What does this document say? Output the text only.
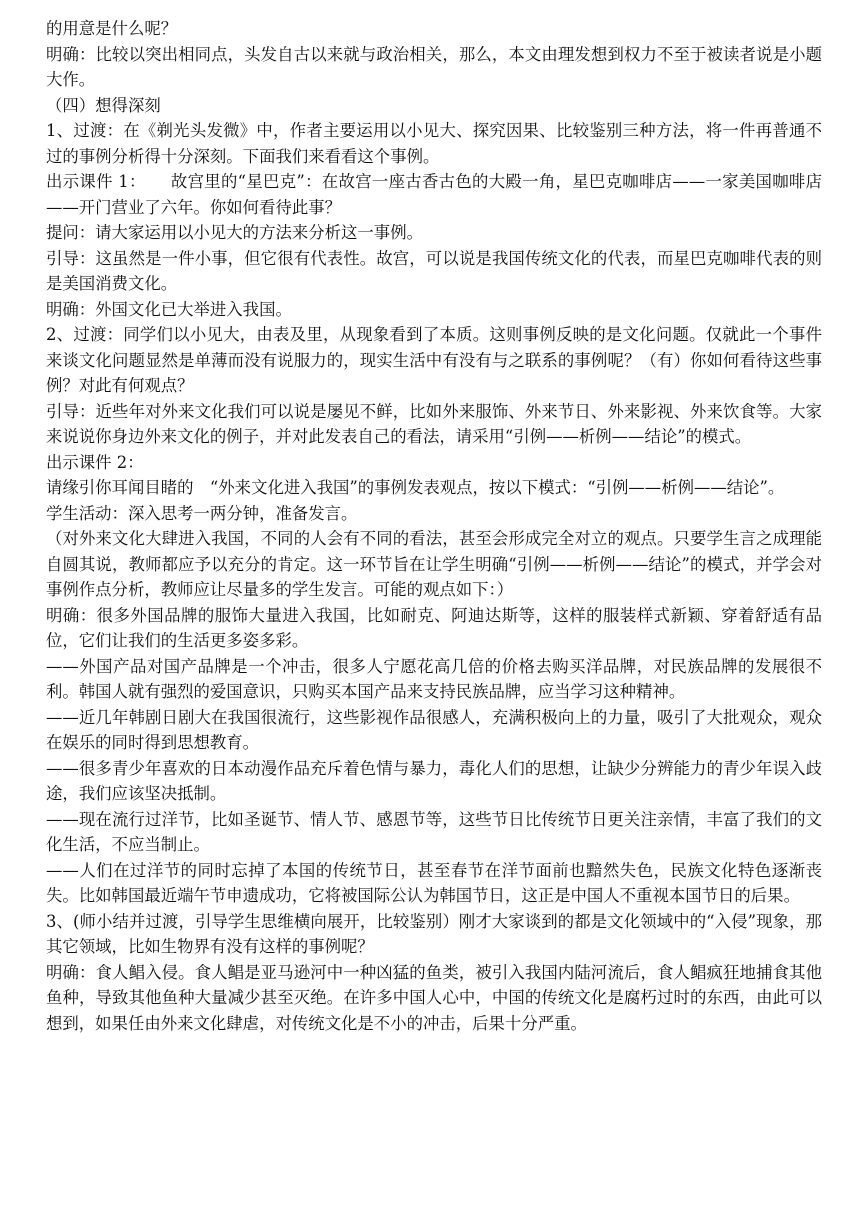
的用意是什么呢？

明确：比较以突出相同点，头发自古以来就与政治相关，那么，本文由理发想到权力不至于被读者说是小题大作。

（四）想得深刻

1、过渡：在《剃光头发微》中，作者主要运用以小见大、探究因果、比较鉴别三种方法，将一件再普通不过的事例分析得十分深刻。下面我们来看看这个事例。

出示课件 1：　　故宫里的“星巴克”：在故宫一座古香古色的大殿一角，星巴克咖啡店——一家美国咖啡店——开门营业了六年。你如何看待此事？

提问：请大家运用以小见大的方法来分析这一事例。

引导：这虽然是一件小事，但它很有代表性。故宫，可以说是我国传统文化的代表，而星巴克咖啡代表的则是美国消费文化。

明确：外国文化已大举进入我国。

2、过渡：同学们以小见大，由表及里，从现象看到了本质。这则事例反映的是文化问题。仅就此一个事件来谈文化问题显然是单薄而没有说服力的，现实生活中有没有与之联系的事例呢？（有）你如何看待这些事例？对此有何观点？

引导：近些年对外来文化我们可以说是屡见不鲜，比如外来服饰、外来节日、外来影视、外来饮食等。大家来说说你身边外来文化的例子，并对此发表自己的看法，请采用“引例——析例——结论”的模式。

出示课件 2：

请缘引你耳闻目睹的　“外来文化进入我国”的事例发表观点，按以下模式：“引例——析例——结论”。

学生活动：深入思考一两分钟，准备发言。

（对外来文化大肆进入我国，不同的人会有不同的看法，甚至会形成完全对立的观点。只要学生言之成理能自圆其说，教师都应予以充分的肯定。这一环节旨在让学生明确“引例——析例——结论”的模式，并学会对事例作点分析，教师应让尽量多的学生发言。可能的观点如下：）

明确：很多外国品牌的服饰大量进入我国，比如耐克、阿迪达斯等，这样的服装样式新颖、穿着舒适有品位，它们让我们的生活更多姿多彩。

——外国产品对国产品牌是一个冲击，很多人宁愿花高几倍的价格去购买洋品牌，对民族品牌的发展很不利。韩国人就有强烈的爱国意识，只购买本国产品来支持民族品牌，应当学习这种精神。

——近几年韩剧日剧大在我国很流行，这些影视作品很感人，充满积极向上的力量，吸引了大批观众，观众在娱乐的同时得到思想教育。

——很多青少年喜欢的日本动漫作品充斥着色情与暴力，毒化人们的思想，让缺少分辨能力的青少年误入歧途，我们应该坚决抵制。

——现在流行过洋节，比如圣诞节、情人节、感恩节等，这些节日比传统节日更关注亲情，丰富了我们的文化生活，不应当制止。

——人们在过洋节的同时忘掉了本国的传统节日，甚至春节在洋节面前也黯然失色，民族文化特色逐渐丧失。比如韩国最近端午节申遗成功，它将被国际公认为韩国节日，这正是中国人不重视本国节日的后果。

3、(师小结并过渡，引导学生思维横向展开，比较鉴别）刚才大家谈到的都是文化领域中的“入侵”现象，那其它领域，比如生物界有没有这样的事例呢？

明确：食人鲳入侵。食人鲳是亚马逊河中一种凶猛的鱼类，被引入我国内陆河流后，食人鲳疯狂地捕食其他鱼种，导致其他鱼种大量减少甚至灭绝。在许多中国人心中，中国的传统文化是腐朽过时的东西，由此可以想到，如果任由外来文化肆虐，对传统文化是不小的冲击，后果十分严重。
